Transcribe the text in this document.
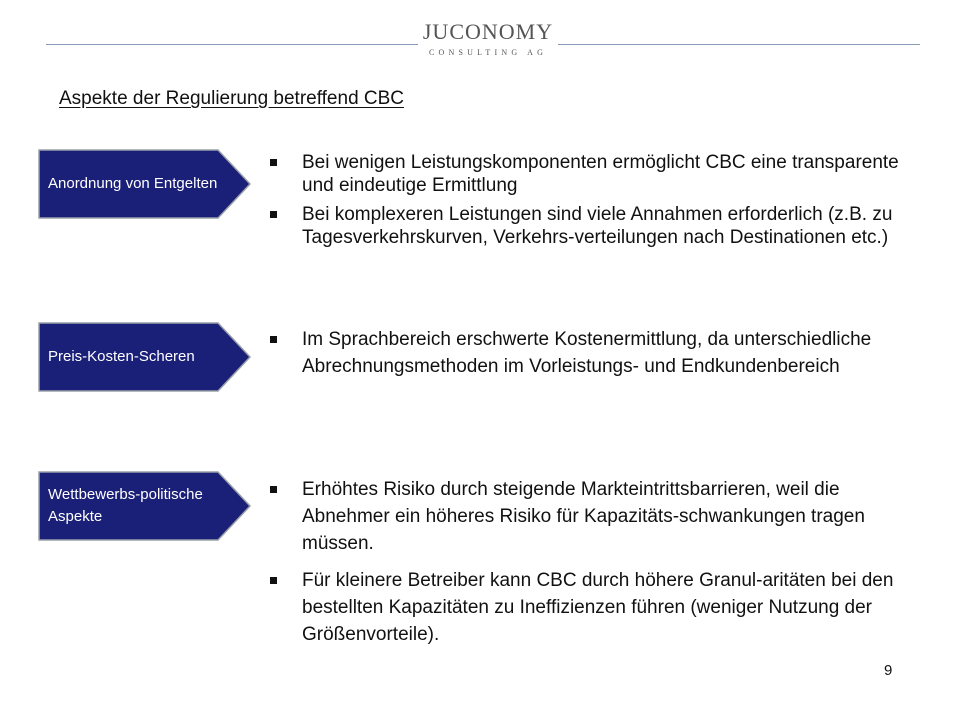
JUCONOMY
CONSULTING AG
Aspekte der Regulierung betreffend CBC
Anordnung von Entgelten
Bei wenigen Leistungskomponenten ermöglicht CBC eine transparente und eindeutige Ermittlung
Bei komplexeren Leistungen sind viele Annahmen erforderlich (z.B. zu Tagesverkehrskurven, Verkehrs-verteilungen nach Destinationen etc.)
Preis-Kosten-Scheren
Im Sprachbereich erschwerte Kostenermittlung, da unterschiedliche Abrechnungsmethoden im Vorleistungs- und Endkundenbereich
Wettbewerbs-politische Aspekte
Erhöhtes Risiko durch steigende Markteintrittsbarrieren, weil die Abnehmer ein höheres Risiko für Kapazitäts-schwankungen tragen müssen.
Für kleinere Betreiber kann CBC durch höhere Granul-aritäten bei den bestellten Kapazitäten zu Ineffizienzen führen (weniger Nutzung der Größenvorteile).
9
